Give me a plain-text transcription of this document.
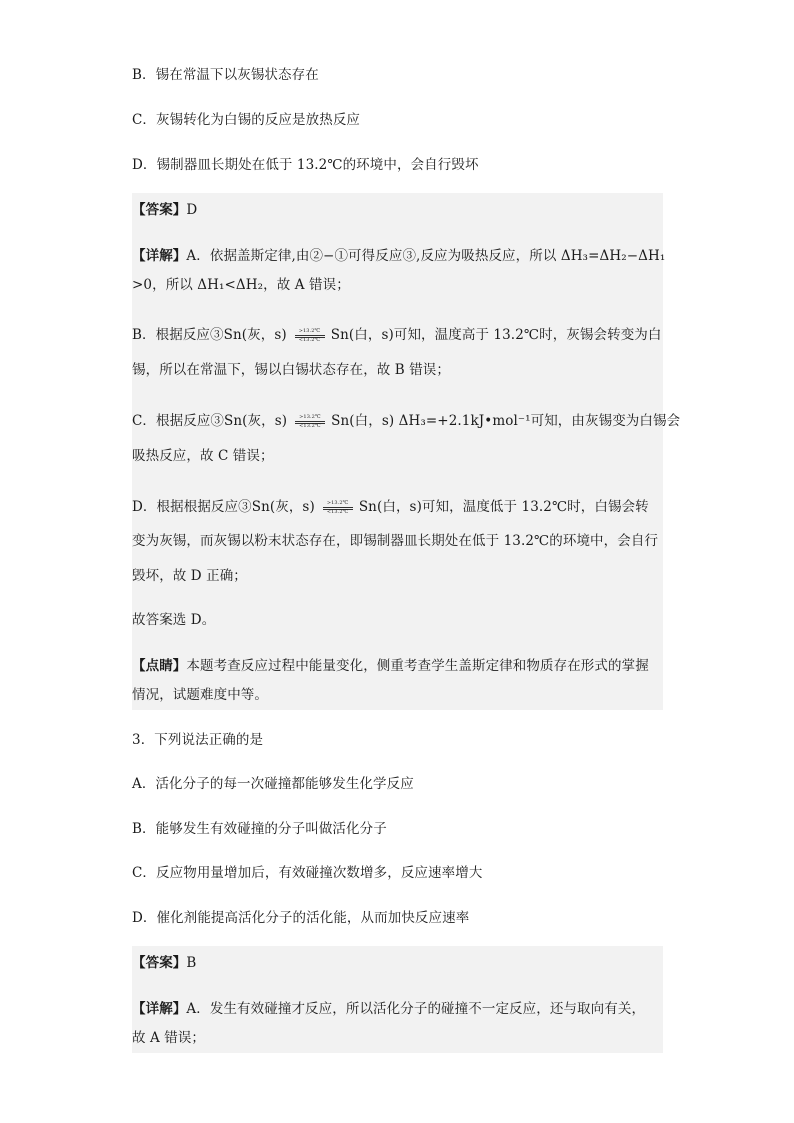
B．锡在常温下以灰锡状态存在
C．灰锡转化为白锡的反应是放热反应
D．锡制器皿长期处在低于 13.2℃的环境中，会自行毁坏
【答案】D
【详解】A．依据盖斯定律,由②−①可得反应③,反应为吸热反应，所以 ΔH₃=ΔH₂−ΔH₁
>0，所以 ΔH₁<ΔH₂，故 A 错误；
B．根据反应③Sn(灰，$s) \frac{>13.2℃}{<13.2℃} Sn$(白，s)可知，温度高于 13.2℃时，灰锡会转变为白
锡，所以在常温下，锡以白锡状态存在，故 B 错误；
C．根据反应③Sn(灰，$s) \frac{>13.2℃}{<13.2℃} Sn$(白，s) ΔH₃=+2.1kJ•mol⁻¹可知，由灰锡变为白锡会
吸热反应，故 C 错误；
D．根据根据反应③Sn(灰，$s) \frac{>13.2℃}{<13.2℃} Sn$(白，s)可知，温度低于 13.2℃时，白锡会转
变为灰锡，而灰锡以粉末状态存在，即锡制器皿长期处在低于 13.2℃的环境中，会自行
毁坏，故 D 正确；
故答案选 D。
【点睛】本题考查反应过程中能量变化，侧重考查学生盖斯定律和物质存在形式的掌握
情况，试题难度中等。
3．下列说法正确的是
A．活化分子的每一次碰撞都能够发生化学反应
B．能够发生有效碰撞的分子叫做活化分子
C．反应物用量增加后，有效碰撞次数增多，反应速率增大
D．催化剂能提高活化分子的活化能，从而加快反应速率
【答案】B
【详解】A．发生有效碰撞才反应，所以活化分子的碰撞不一定反应，还与取向有关，
故 A 错误；
